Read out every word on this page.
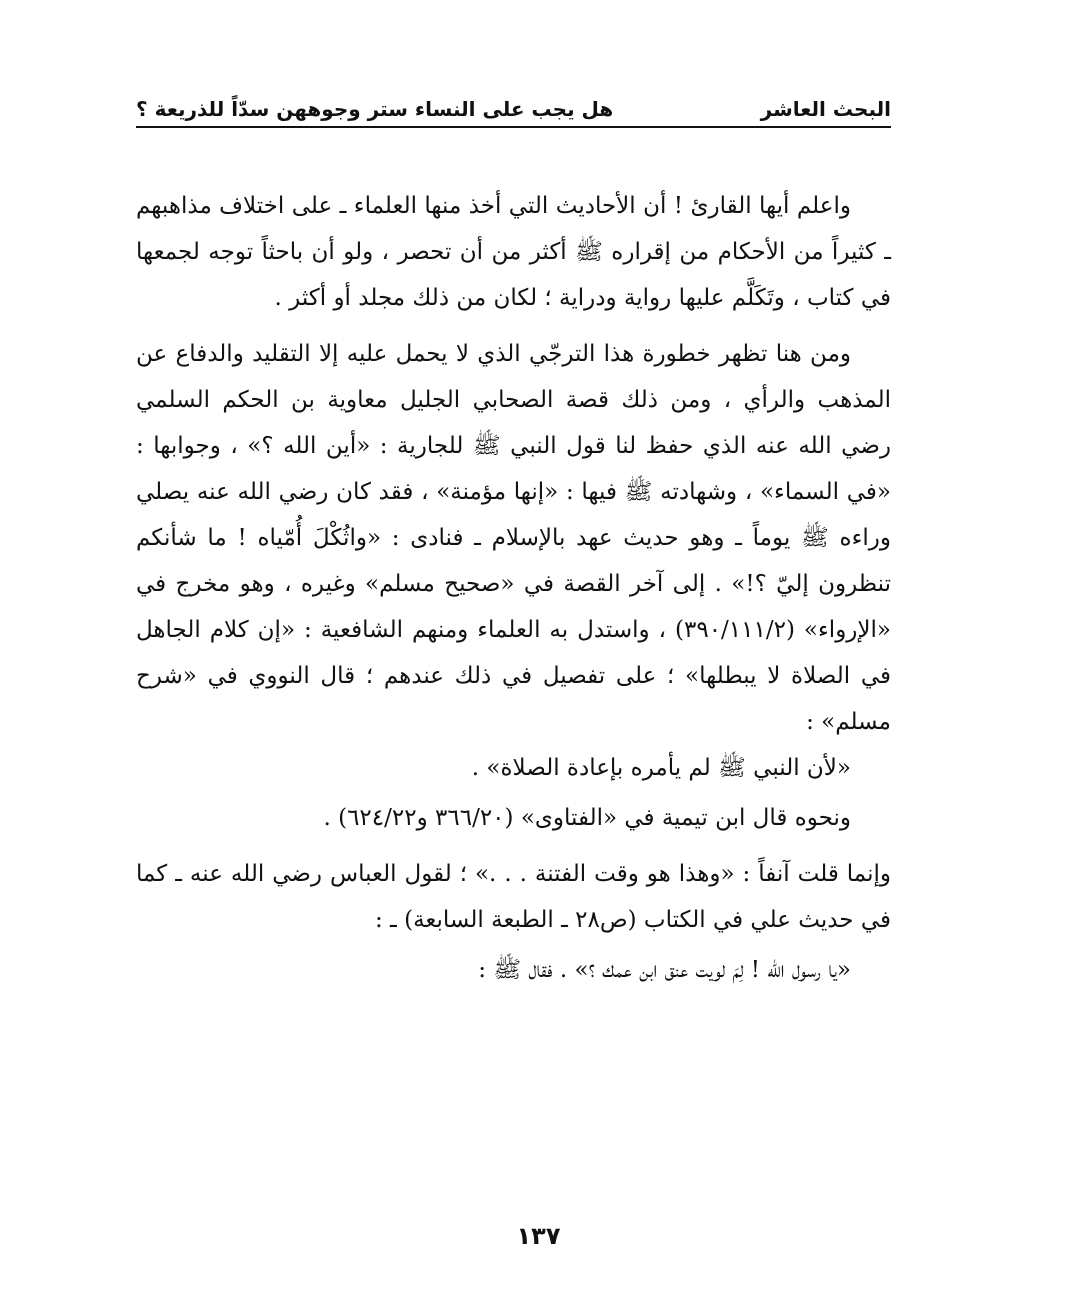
البحث العاشر
هل يجب على النساء ستر وجوههن سدّاً للذريعة ؟

واعلم أيها القارئ ! أن الأحاديث التي أخذ منها العلماء ـ على اختلاف مذاهبهم ـ كثيراً من الأحكام من إقراره ﷺ أكثر من أن تحصر ، ولو أن باحثاً توجه لجمعها في كتاب ، وتَكَلَّم عليها رواية ودراية ؛ لكان من ذلك مجلد أو أكثر .

ومن هنا تظهر خطورة هذا الترجّي الذي لا يحمل عليه إلا التقليد والدفاع عن المذهب والرأي ، ومن ذلك قصة الصحابي الجليل معاوية بن الحكم السلمي رضي الله عنه الذي حفظ لنا قول النبي ﷺ للجارية : «أين الله ؟» ، وجوابها : «في السماء» ، وشهادته ﷺ فيها : «إنها مؤمنة» ، فقد كان رضي الله عنه يصلي وراءه ﷺ يوماً ـ وهو حديث عهد بالإسلام ـ فنادى : «واثُكْلَ أُمّياه ! ما شأنكم تنظرون إليّ ؟!» . إلى آخر القصة في «صحيح مسلم» وغيره ، وهو مخرج في «الإرواء» (٣٩٠/١١١/٢) ، واستدل به العلماء ومنهم الشافعية : «إن كلام الجاهل في الصلاة لا يبطلها» ؛ على تفصيل في ذلك عندهم ؛ قال النووي في «شرح مسلم» :

«لأن النبي ﷺ لم يأمره بإعادة الصلاة» .

ونحوه قال ابن تيمية في «الفتاوى» (٣٦٦/٢٠ و٦٢٤/٢٢) .

وإنما قلت آنفاً : «وهذا هو وقت الفتنة . . .» ؛ لقول العباس رضي الله عنه ـ كما في حديث علي في الكتاب (ص٢٨ ـ الطبعة السابعة) ـ :

«يا رسول الله ! لِمَ لويت عنق ابن عمك ؟» . فقال ﷺ :

١٣٧
